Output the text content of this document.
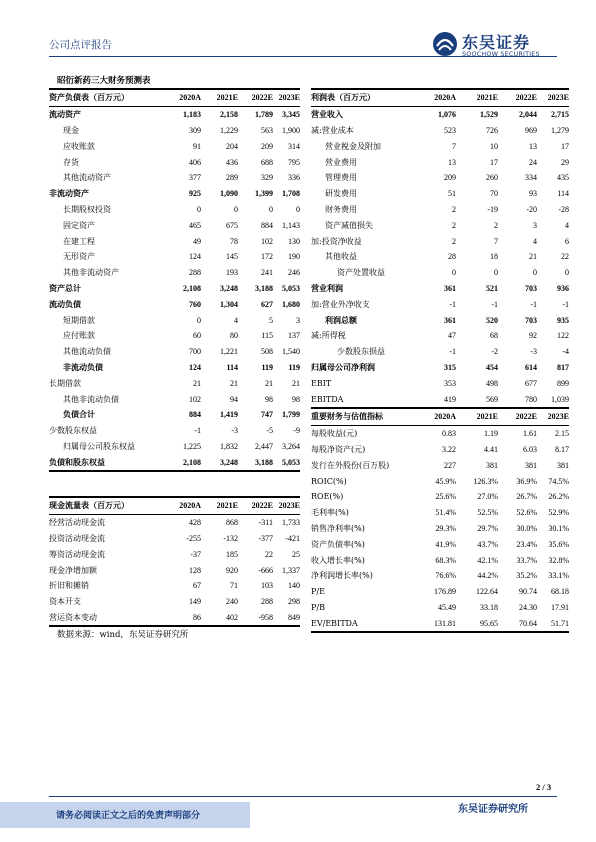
公司点评报告	东吴证券
SOOCHOW SECURITIES
昭衍新药三大财务预测表
资产负债表（百万元）	2020A	2021E	2022E	2023E
流动资产	1,183	2,158	1,789	3,345
现金	309	1,229	563	1,900
应收账款	91	204	209	314
存货	406	436	688	795
其他流动资产	377	289	329	336
非流动资产	925	1,090	1,399	1,708
长期股权投资	0	0	0	0
固定资产	465	675	884	1,143
在建工程	49	78	102	130
无形资产	124	145	172	190
其他非流动资产	288	193	241	246
资产总计	2,108	3,248	3,188	5,053
流动负债	760	1,304	627	1,680
短期借款	0	4	5	3
应付账款	60	80	115	137
其他流动负债	700	1,221	508	1,540
非流动负债	124	114	119	119
长期借款	21	21	21	21
其他非流动负债	102	94	98	98
负债合计	884	1,419	747	1,799
少数股东权益	-1	-3	-5	-9
归属母公司股东权益	1,225	1,832	2,447	3,264
负债和股东权益	2,108	3,248	3,188	5,053
利润表（百万元）	2020A	2021E	2022E	2023E
营业收入	1,076	1,529	2,044	2,715
减:营业成本	523	726	969	1,279
营业税金及附加	7	10	13	17
营业费用	13	17	24	29
管理费用	209	260	334	435
研发费用	51	70	93	114
财务费用	2	-19	-20	-28
资产减值损失	2	2	3	4
加:投资净收益	2	7	4	6
其他收益	28	18	21	22
资产处置收益	0	0	0	0
营业利润	361	521	703	936
加:营业外净收支	-1	-1	-1	-1
利润总额	361	520	703	935
减:所得税	47	68	92	122
少数股东损益	-1	-2	-3	-4
归属母公司净利润	315	454	614	817
EBIT	353	498	677	899
EBITDA	419	569	780	1,039
重要财务与估值指标	2020A	2021E	2022E	2023E
每股收益(元)	0.83	1.19	1.61	2.15
每股净资产(元)	3.22	4.41	6.03	8.17
发行在外股份(百万股)	227	381	381	381
ROIC(%)	45.9%	126.3%	36.9%	74.5%
ROE(%)	25.6%	27.0%	26.7%	26.2%
毛利率(%)	51.4%	52.5%	52.6%	52.9%
销售净利率(%)	29.3%	29.7%	30.0%	30.1%
资产负债率(%)	41.9%	43.7%	23.4%	35.6%
收入增长率(%)	68.3%	42.1%	33.7%	32.8%
净利润增长率(%)	76.6%	44.2%	35.2%	33.1%
P/E	176.89	122.64	90.74	68.18
P/B	45.49	33.18	24.30	17.91
EV/EBITDA	131.81	95.65	70.64	51.71
现金流量表（百万元）	2020A	2021E	2022E	2023E
经营活动现金流	428	868	-311	1,733
投资活动现金流	-255	-132	-377	-421
筹资活动现金流	-37	185	22	25
现金净增加额	128	920	-666	1,337
折旧和摊销	67	71	103	140
资本开支	149	240	288	298
营运资本变动	86	402	-958	849
数据来源：wind，东吴证券研究所
2 / 3
请务必阅读正文之后的免责声明部分
东吴证券研究所
